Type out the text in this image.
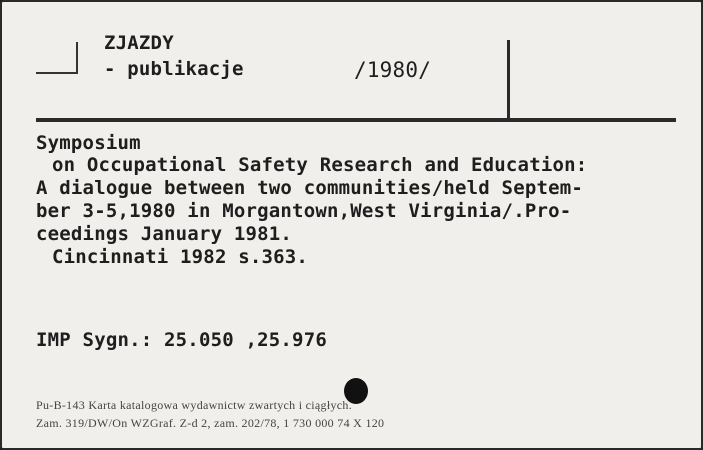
ZJAZDY
- publikacje	/1980/
Symposium
on Occupational Safety Research and Education:
A dialogue between two communities/held Septem-
ber 3-5,1980 in Morgantown,West Virginia/.Pro-
ceedings January 1981.
Cincinnati 1982 s.363.
IMP Sygn.: 25.050 ,25.976
Pu-B-143 Karta katalogowa wydawnictw zwartych i ciągłych.
Zam. 319/DW/On WZGraf. Z-d 2, zam. 202/78, 1 730 000 74 X 120
